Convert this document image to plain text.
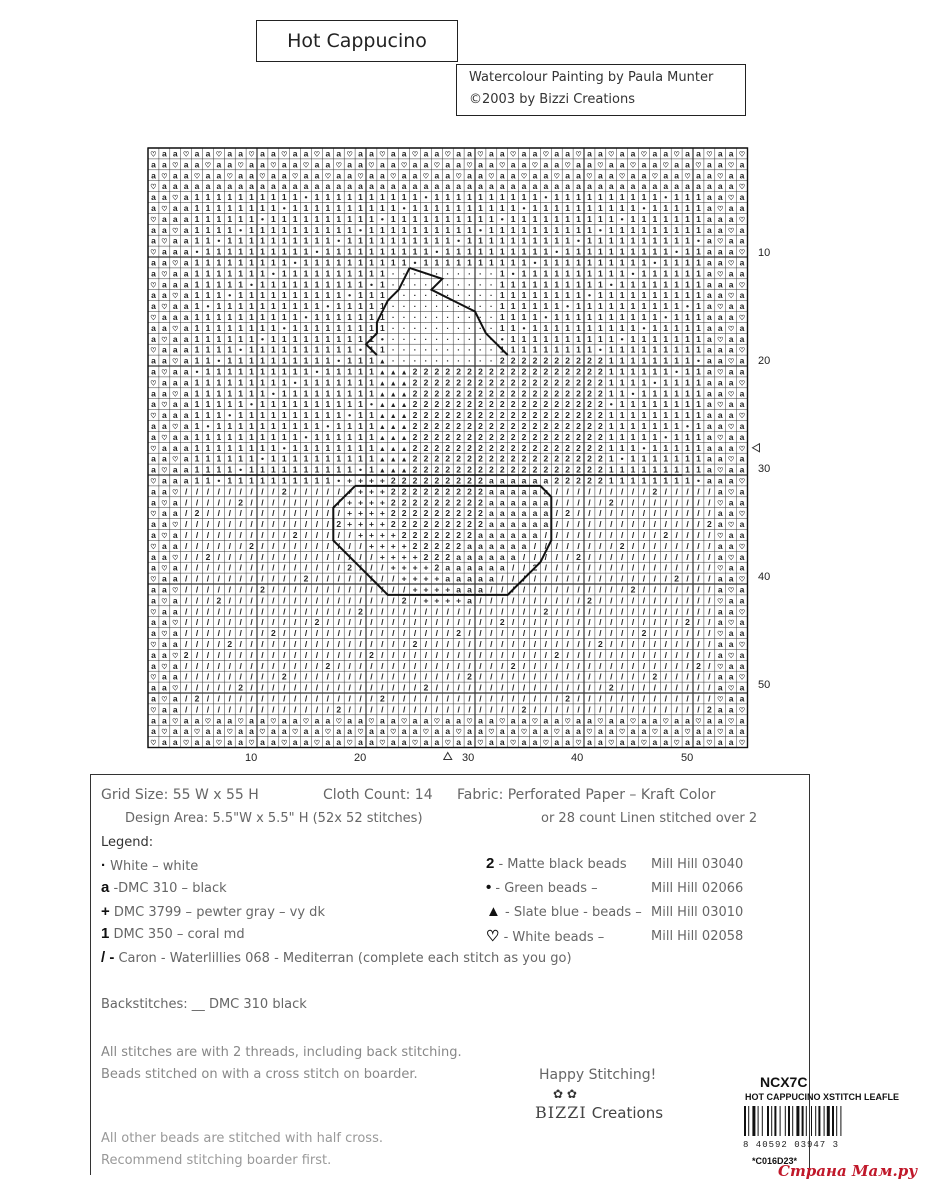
Hot Cappucino
Watercolour Painting by Paula Munter
©2003 by Bizzi Creations
♡ a a ♡ a a ♡ a a ♡ a a ♡ a a ♡ a a ♡ a a ♡ a a ♡ a a ♡ a a ♡ a a ♡ a a ♡ a a ♡ a a ♡ a a ♡ a a ♡ a a ♡ a a ♡
a a ♡ a a ♡ a a ♡ a a ♡ a a ♡ a a ♡ a a ♡ a a ♡ a a ♡ a a ♡ a a ♡ a a ♡ a a ♡ a a ♡ a a ♡ a a ♡ a a ♡ a a ♡ a
a ♡ a a ♡ a a ♡ a a ♡ a a ♡ a a ♡ a a ♡ a a ♡ a a ♡ a a ♡ a a ♡ a a ♡ a a ♡ a a ♡ a a ♡ a a ♡ a a ♡ a a ♡ a a
♡ a a a a a a a a a a a a a a a a a a a a a a a a a a a a a a a a a a a a a a a a a a a a a a a a a a a a a ♡
a a ♡ a 1 1 1 1 1 1 1 1 1 1 • 1 1 1 1 1 1 1 1 1 1 • 1 1 1 1 1 1 1 1 1 1 • 1 1 1 1 1 1 1 1 1 1 • 1 1 1 a a ♡ a
a ♡ a a 1 1 1 1 1 1 1 1 • 1 1 1 1 1 1 1 1 1 1 • 1 1 1 1 1 1 1 1 1 1 • 1 1 1 1 1 1 1 1 1 1 • 1 1 1 1 1 a ♡ a a
♡ a a a 1 1 1 1 1 1 • 1 1 1 1 1 1 1 1 1 1 • 1 1 1 1 1 1 1 1 1 1 • 1 1 1 1 1 1 1 1 1 1 • 1 1 1 1 1 1 1 a a a ♡
a a ♡ a 1 1 1 1 • 1 1 1 1 1 1 1 1 1 1 • 1 1 1 1 1 1 1 1 1 1 • 1 1 1 1 1 1 1 1 1 1 • 1 1 1 1 1 1 1 1 1 a a ♡ a
a ♡ a a 1 1 • 1 1 1 1 1 1 1 1 1 1 • 1 1 1 1 1 1 1 1 1 1 • 1 1 1 1 1 1 1 1 1 1 • 1 1 1 1 1 1 1 1 1 1 • a ♡ a a
♡ a a a • 1 1 1 1 1 1 1 1 1 1 • 1 1 1 1 1 1 1 1 1 1 • 1 1 1 1 1 1 1 1 1 1 • 1 1 1 1 1 1 1 1 1 1 • 1 1 a a a ♡
a a ♡ a 1 1 1 1 1 1 1 1 1 • 1 1 1 1 1 1 1 1 1 1 • 1 1 1 1 1 1 1 1 1 1 • 1 1 1 1 1 1 1 1 1 1 • 1 1 1 1 a a ♡ a
a ♡ a a 1 1 1 1 1 1 1 • 1 1 1 1 1 1 1 1 1 1 · · · · · · · · · · 1 • 1 1 1 1 1 1 1 1 1 1 • 1 1 1 1 1 1 a ♡ a a
♡ a a a 1 1 1 1 1 • 1 1 1 1 1 1 1 1 1 1 • 1 · · · · · · · · · · 1 1 1 1 1 1 1 1 1 1 • 1 1 1 1 1 1 1 1 a a a ♡
a a ♡ a 1 1 1 • 1 1 1 1 1 1 1 1 1 1 • 1 1 1 · · · · · · · · · · 1 1 1 1 1 1 1 1 • 1 1 1 1 1 1 1 1 1 1 a a ♡ a
a ♡ a a 1 • 1 1 1 1 1 1 1 1 1 1 • 1 1 1 1 1 · · · · · · · · · · 1 1 1 1 1 1 • 1 1 1 1 1 1 1 1 1 1 • 1 a ♡ a a
♡ a a a 1 1 1 1 1 1 1 1 1 1 • 1 1 1 1 1 1 1 · · · · · · · · · · 1 1 1 1 • 1 1 1 1 1 1 1 1 1 1 • 1 1 1 a a a ♡
a a ♡ a 1 1 1 1 1 1 1 1 • 1 1 1 1 1 1 1 1 1 · · · · · · · · · · 1 1 • 1 1 1 1 1 1 1 1 1 1 • 1 1 1 1 1 a a ♡ a
a ♡ a a 1 1 1 1 1 1 • 1 1 1 1 1 1 1 1 1 1 • · · · · · · · · · · • 1 1 1 1 1 1 1 1 1 1 • 1 1 1 1 1 1 1 a ♡ a a
♡ a a a 1 1 1 1 • 1 1 1 1 1 1 1 1 1 1 • 1 1 · · · · · · · · · · 1 1 1 1 1 1 1 1 1 • 1 1 1 1 1 1 1 1 1 a a a ♡
a a ♡ a 1 1 • 1 1 1 1 1 1 1 1 1 1 • 1 1 1 ▲ · · · · · · · · · · 2 2 2 2 2 2 2 2 2 2 1 1 1 1 1 1 1 1 • a a ♡ a
a ♡ a a • 1 1 1 1 1 1 1 1 1 1 • 1 1 1 1 1 ▲ ▲ ▲ 2 2 2 2 2 2 2 2 2 2 2 2 2 2 2 2 2 2 1 1 1 1 1 1 • 1 1 a ♡ a a
♡ a a a 1 1 1 1 1 1 1 1 1 • 1 1 1 1 1 1 1 ▲ ▲ ▲ 2 2 2 2 2 2 2 2 2 2 2 2 2 2 2 2 2 2 1 1 1 1 • 1 1 1 1 a a a ♡
a a ♡ a 1 1 1 1 1 1 1 • 1 1 1 1 1 1 1 1 1 ▲ ▲ ▲ 2 2 2 2 2 2 2 2 2 2 2 2 2 2 2 2 2 2 1 1 • 1 1 1 1 1 1 a a ♡ a
a ♡ a a 1 1 1 1 1 • 1 1 1 1 1 1 1 1 1 1 • ▲ ▲ ▲ 2 2 2 2 2 2 2 2 2 2 2 2 2 2 2 2 2 2 • 1 1 1 1 1 1 1 1 a ♡ a a
♡ a a a 1 1 1 • 1 1 1 1 1 1 1 1 1 1 • 1 1 ▲ ▲ ▲ 2 2 2 2 2 2 2 2 2 2 2 2 2 2 2 2 2 2 1 1 1 1 1 1 1 1 1 a a a ♡
a a ♡ a 1 • 1 1 1 1 1 1 1 1 1 1 • 1 1 1 1 ▲ ▲ ▲ 2 2 2 2 2 2 2 2 2 2 2 2 2 2 2 2 2 2 1 1 1 1 1 1 1 • 1 a a ♡ a
a ♡ a a 1 1 1 1 1 1 1 1 1 1 • 1 1 1 1 1 1 ▲ ▲ ▲ 2 2 2 2 2 2 2 2 2 2 2 2 2 2 2 2 2 2 1 1 1 1 1 • 1 1 1 a ♡ a a
♡ a a a 1 1 1 1 1 1 1 1 • 1 1 1 1 1 1 1 1 ▲ ▲ ▲ 2 2 2 2 2 2 2 2 2 2 2 2 2 2 2 2 2 2 1 1 1 • 1 1 1 1 1 a a a ♡
a a ♡ a 1 1 1 1 1 1 • 1 1 1 1 1 1 1 1 1 1 ▲ ▲ ▲ 2 2 2 2 2 2 2 2 2 2 2 2 2 2 2 2 2 2 1 • 1 1 1 1 1 1 1 a a ♡ a
a ♡ a a 1 1 1 1 • 1 1 1 1 1 1 1 1 1 1 • 1 ▲ ▲ ▲ 2 2 2 2 2 2 2 2 2 2 2 2 2 2 2 2 2 2 1 1 1 1 1 1 1 1 1 a ♡ a a
♡ a a a 1 1 • 1 1 1 1 1 1 1 1 1 1 • + + + + 2 2 2 2 2 2 2 2 2 a a a a a a 2 2 2 2 2 1 1 1 1 1 1 1 1 • a a a ♡
a a ♡ / / / / / / / / / 2 / / / / / + + + + 2 2 2 2 2 2 2 2 2 a a a a a a / / / / / / / / / 2 / / / / / a ♡ a
a ♡ a / / / / / 2 / / / / / / / / / + + + + 2 2 2 2 2 2 2 2 2 a a a a a a / / / / / 2 / / / / / / / / / ♡ a a
♡ a a / 2 / / / / / / / / / / / / / + + + + 2 2 2 2 2 2 2 2 2 a a a a a a / 2 / / / / / / / / / / / / / a a ♡
a a ♡ / / / / / / / / / / / / / / 2 + + + + 2 2 2 2 2 2 2 2 2 a a a a a a / / / / / / / / / / / / / / 2 a ♡ a
a ♡ a / / / / / / / / / / 2 / / / / / + + + + 2 2 2 2 2 2 2 a a a a a a / / / / / / / / / / / 2 / / / / ♡ a a
♡ a a / / / / / / 2 / / / / / / / / / / + + + + 2 2 2 2 2 a a a a a a / / / / / / / / 2 / / / / / / / / a a ♡
a a ♡ / / 2 / / / / / / / / / / / / / / / + + + + 2 2 2 a a a a a a / / / / / 2 / / / / / / / / / / / / a ♡ a
a ♡ a / / / / / / / / / / / / / / / 2 / / / + + + + 2 a a a a a a / / 2 / / / / / / / / / / / / / / / / ♡ a a
♡ a a / / / / / / / / / / / 2 / / / / / / / / + + + + a a a a a / / / / / / / / / / / / / / / / 2 / / / a a ♡
a a ♡ / / / / / / / 2 / / / / / / / / / / / / / + + + + a a a / / / / / / / / / / / / / 2 / / / / / / / a ♡ a
a ♡ a / / / 2 / / / / / / / / / / / / / / / / 2 / + + + + a / / / / / / / / / / 2 / / / / / / / / / / / ♡ a a
♡ a a / / / / / / / / / / / / / / / / 2 / / / / / / / / / / / / / / / / 2 / / / / / / / / / / / / / / / a a ♡
a a ♡ / / / / / / / / / / / / 2 / / / / / / / / / / / / / / / / 2 / / / / / / / / / / / / / / / / 2 / / a ♡ a
a ♡ a / / / / / / / / 2 / / / / / / / / / / / / / / / / 2 / / / / / / / / / / / / / / / / 2 / / / / / / ♡ a a
♡ a a / / / / 2 / / / / / / / / / / / / / / / / 2 / / / / / / / / / / / / / / / / 2 / / / / / / / / / / a a ♡
a a ♡ 2 / / / / / / / / / / / / / / / / 2 / / / / / / / / / / / / / / / / 2 / / / / / / / / / / / / / / a ♡ a
a ♡ a / / / / / / / / / / / / / 2 / / / / / / / / / / / / / / / / 2 / / / / / / / / / / / / / / / / 2 / ♡ a a
♡ a a / / / / / / / / / 2 / / / / / / / / / / / / / / / / 2 / / / / / / / / / / / / / / / / 2 / / / / / a a ♡
a a ♡ / / / / / 2 / / / / / / / / / / / / / / / / 2 / / / / / / / / / / / / / / / / 2 / / / / / / / / / a ♡ a
a ♡ a / 2 / / / / / / / / / / / / / / / / 2 / / / / / / / / / / / / / / / / 2 / / / / / / / / / / / / / ♡ a a
♡ a a / / / / / / / / / / / / / / 2 / / / / / / / / / / / / / / / / 2 / / / / / / / / / / / / / / / / 2 a a ♡
a a ♡ a a ♡ a a ♡ a a ♡ a a ♡ a a ♡ a a ♡ a a ♡ a a ♡ a a ♡ a a ♡ a a ♡ a a ♡ a a ♡ a a ♡ a a ♡ a a ♡ a a ♡ a
a ♡ a a ♡ a a ♡ a a ♡ a a ♡ a a ♡ a a ♡ a a ♡ a a ♡ a a ♡ a a ♡ a a ♡ a a ♡ a a ♡ a a ♡ a a ♡ a a ♡ a a ♡ a a
♡ a a ♡ a a ♡ a a ♡ a a ♡ a a ♡ a a ♡ a a ♡ a a ♡ a a ♡ a a ♡ a a ♡ a a ♡ a a ♡ a a ♡ a a ♡ a a ♡ a a ♡ a a ♡
10
20
30
40
50
10	20	30	40	50
Grid Size: 55 W x 55 H	Cloth Count: 14 Fabric: Perforated Paper – Kraft Color
Design Area: 5.5"W x 5.5" H (52x 52 stitches)	or 28 count Linen stitched over 2
Legend:
· White – white
a -DMC 310 – black
+ DMC 3799 – pewter gray – vy dk
1 DMC 350 – coral md
/ - Caron - Waterlillies 068 - Mediterran (complete each stitch as you go)
2 - Matte black beads Mill Hill 03040
• - Green beads –	Mill Hill 02066
▲ - Slate blue - beads – Mill Hill 03010
♡ - White beads –	Mill Hill 02058
Backstitches: __ DMC 310 black
All stitches are with 2 threads, including back stitching.
Beads stitched on with a cross stitch on boarder.
All other beads are stitched with half cross.
Recommend stitching boarder first.
Happy Stitching!
✿ ✿
BIZZI Creations
NCX7C
HOT CAPPUCINO XSTITCH LEAFLE
8 40592 03947 3
*C016D23*
Страна Мам.ру
